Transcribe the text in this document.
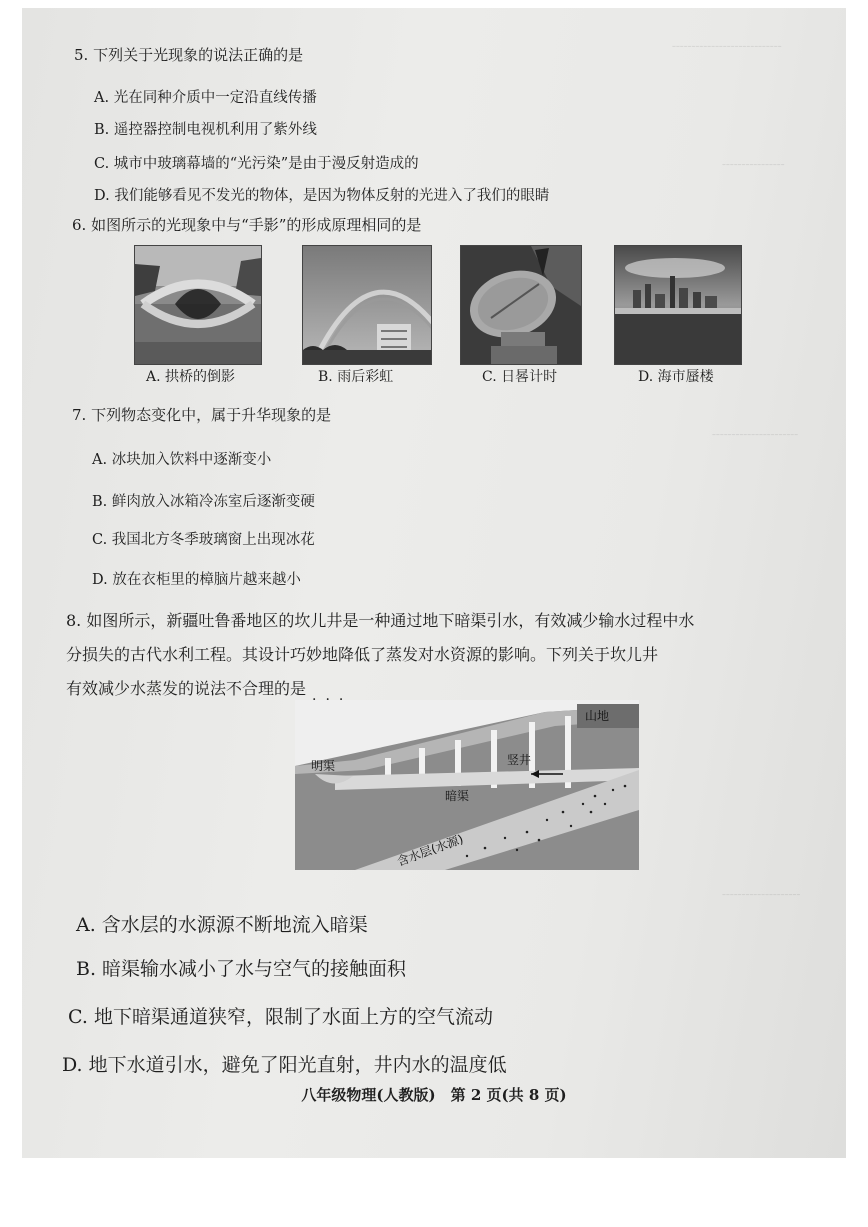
╌╌╌╌╌╌╌╌╌╌╌╌╌╌
╌╌╌╌╌╌╌╌
╌╌╌╌╌╌╌╌╌╌╌
╌╌╌╌╌╌╌╌╌╌
5. 下列关于光现象的说法正确的是
A. 光在同种介质中一定沿直线传播
B. 遥控器控制电视机利用了紫外线
C. 城市中玻璃幕墙的“光污染”是由于漫反射造成的
D. 我们能够看见不发光的物体，是因为物体反射的光进入了我们的眼睛
6. 如图所示的光现象中与“手影”的形成原理相同的是
A. 拱桥的倒影	B. 雨后彩虹	C. 日晷计时	D. 海市蜃楼
7. 下列物态变化中，属于升华现象的是
A. 冰块加入饮料中逐渐变小
B. 鲜肉放入冰箱冷冻室后逐渐变硬
C. 我国北方冬季玻璃窗上出现冰花
D. 放在衣柜里的樟脑片越来越小
8. 如图所示，新疆吐鲁番地区的坎儿井是一种通过地下暗渠引水，有效减少输水过程中水
分损失的古代水利工程。其设计巧妙地降低了蒸发对水资源的影响。下列关于坎儿井
有效减少水蒸发的说法不合理的是
山地
明渠	竖井
暗渠
含水层(水源)
A. 含水层的水源源不断地流入暗渠
B. 暗渠输水减小了水与空气的接触面积
C. 地下暗渠通道狭窄，限制了水面上方的空气流动
D. 地下水道引水，避免了阳光直射，井内水的温度低
八年级物理(人教版)　第 2 页(共 8 页)
